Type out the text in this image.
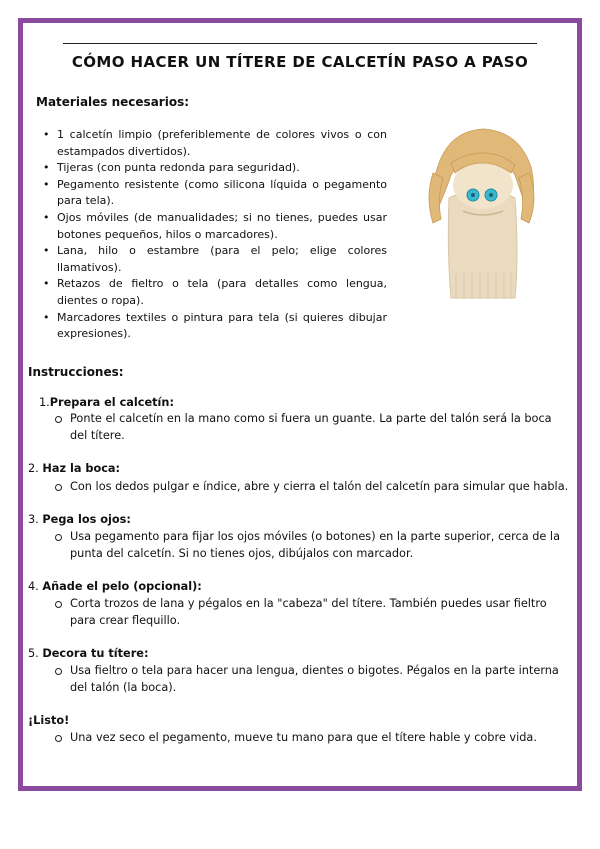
CÓMO HACER UN TÍTERE DE CALCETÍN PASO A PASO
Materiales necesarios:
• 1 calcetín limpio (preferiblemente de colores vivos o con estampados divertidos).
• Tijeras (con punta redonda para seguridad).
• Pegamento resistente (como silicona líquida o pegamento para tela).
• Ojos móviles (de manualidades; si no tienes, puedes usar botones pequeños, hilos o marcadores).
• Lana, hilo o estambre (para el pelo; elige colores llamativos).
• Retazos de fieltro o tela (para detalles como lengua, dientes o ropa).
• Marcadores textiles o pintura para tela (si quieres dibujar expresiones).
Instrucciones:
1.Prepara el calcetín:
Ponte el calcetín en la mano como si fuera un guante. La parte del talón será la boca del títere.
2. Haz la boca:
Con los dedos pulgar e índice, abre y cierra el talón del calcetín para simular que habla.
3. Pega los ojos:
Usa pegamento para fijar los ojos móviles (o botones) en la parte superior, cerca de la punta del calcetín. Si no tienes ojos, dibújalos con marcador.
4. Añade el pelo (opcional):
Corta trozos de lana y pégalos en la "cabeza" del títere. También puedes usar fieltro para crear flequillo.
5. Decora tu títere:
Usa fieltro o tela para hacer una lengua, dientes o bigotes. Pégalos en la parte interna del talón (la boca).
¡Listo!
Una vez seco el pegamento, mueve tu mano para que el títere hable y cobre vida.
